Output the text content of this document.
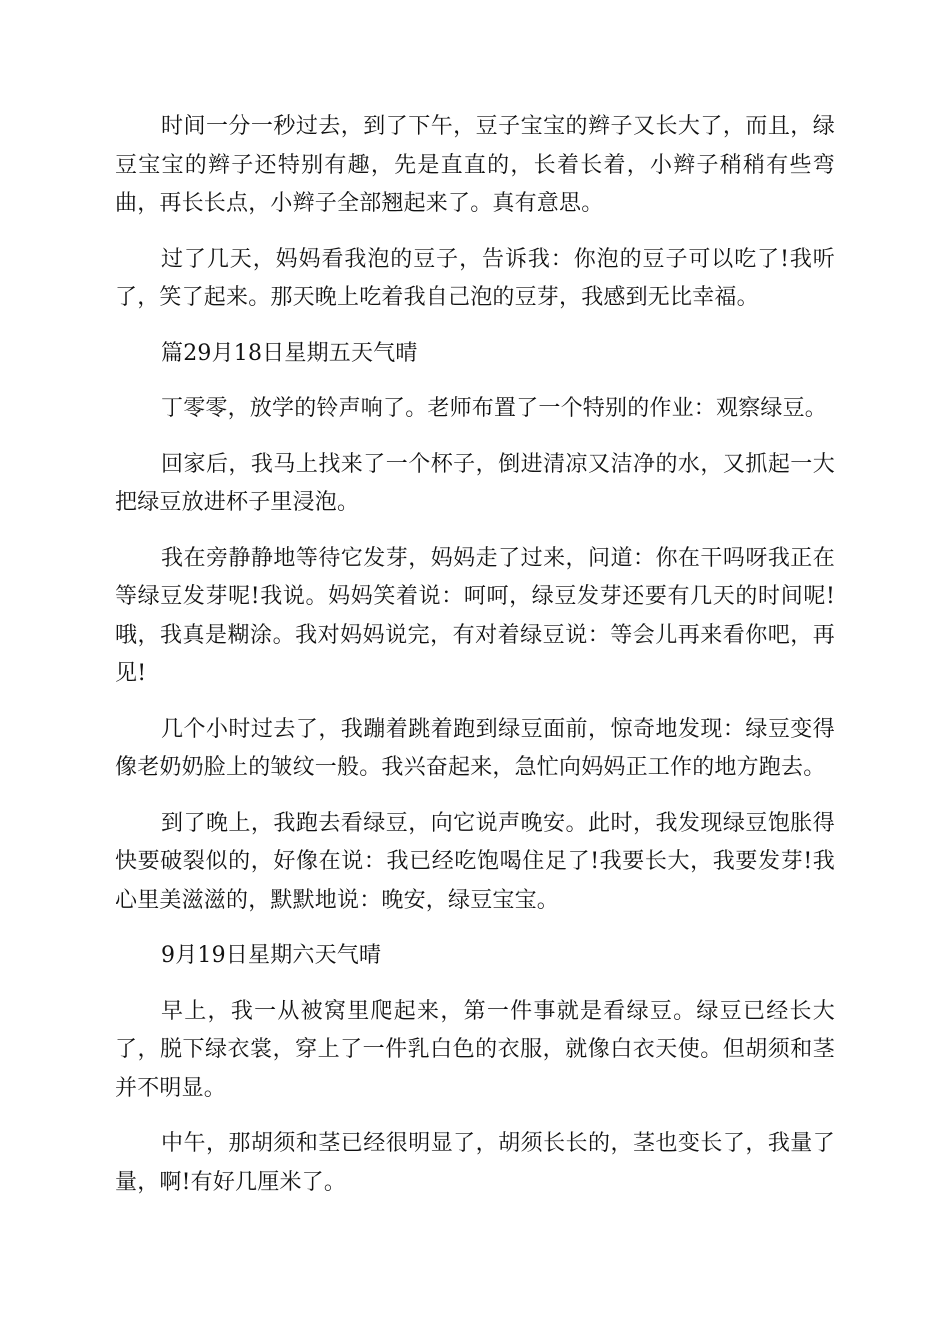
时间一分一秒过去，到了下午，豆子宝宝的辫子又长大了，而且，绿豆宝宝的辫子还特别有趣，先是直直的，长着长着，小辫子稍稍有些弯曲，再长长点，小辫子全部翘起来了。真有意思。

过了几天，妈妈看我泡的豆子，告诉我：你泡的豆子可以吃了!我听了，笑了起来。那天晚上吃着我自己泡的豆芽，我感到无比幸福。

篇29月18日星期五天气晴

丁零零，放学的铃声响了。老师布置了一个特别的作业：观察绿豆。

回家后，我马上找来了一个杯子，倒进清凉又洁净的水，又抓起一大把绿豆放进杯子里浸泡。

我在旁静静地等待它发芽，妈妈走了过来，问道：你在干吗呀我正在等绿豆发芽呢!我说。妈妈笑着说：呵呵，绿豆发芽还要有几天的时间呢!哦，我真是糊涂。我对妈妈说完，有对着绿豆说：等会儿再来看你吧，再见!

几个小时过去了，我蹦着跳着跑到绿豆面前，惊奇地发现：绿豆变得像老奶奶脸上的皱纹一般。我兴奋起来，急忙向妈妈正工作的地方跑去。

到了晚上，我跑去看绿豆，向它说声晚安。此时，我发现绿豆饱胀得快要破裂似的，好像在说：我已经吃饱喝住足了!我要长大，我要发芽!我心里美滋滋的，默默地说：晚安，绿豆宝宝。

9月19日星期六天气晴

早上，我一从被窝里爬起来，第一件事就是看绿豆。绿豆已经长大了，脱下绿衣裳，穿上了一件乳白色的衣服，就像白衣天使。但胡须和茎并不明显。

中午，那胡须和茎已经很明显了，胡须长长的，茎也变长了，我量了量，啊!有好几厘米了。
